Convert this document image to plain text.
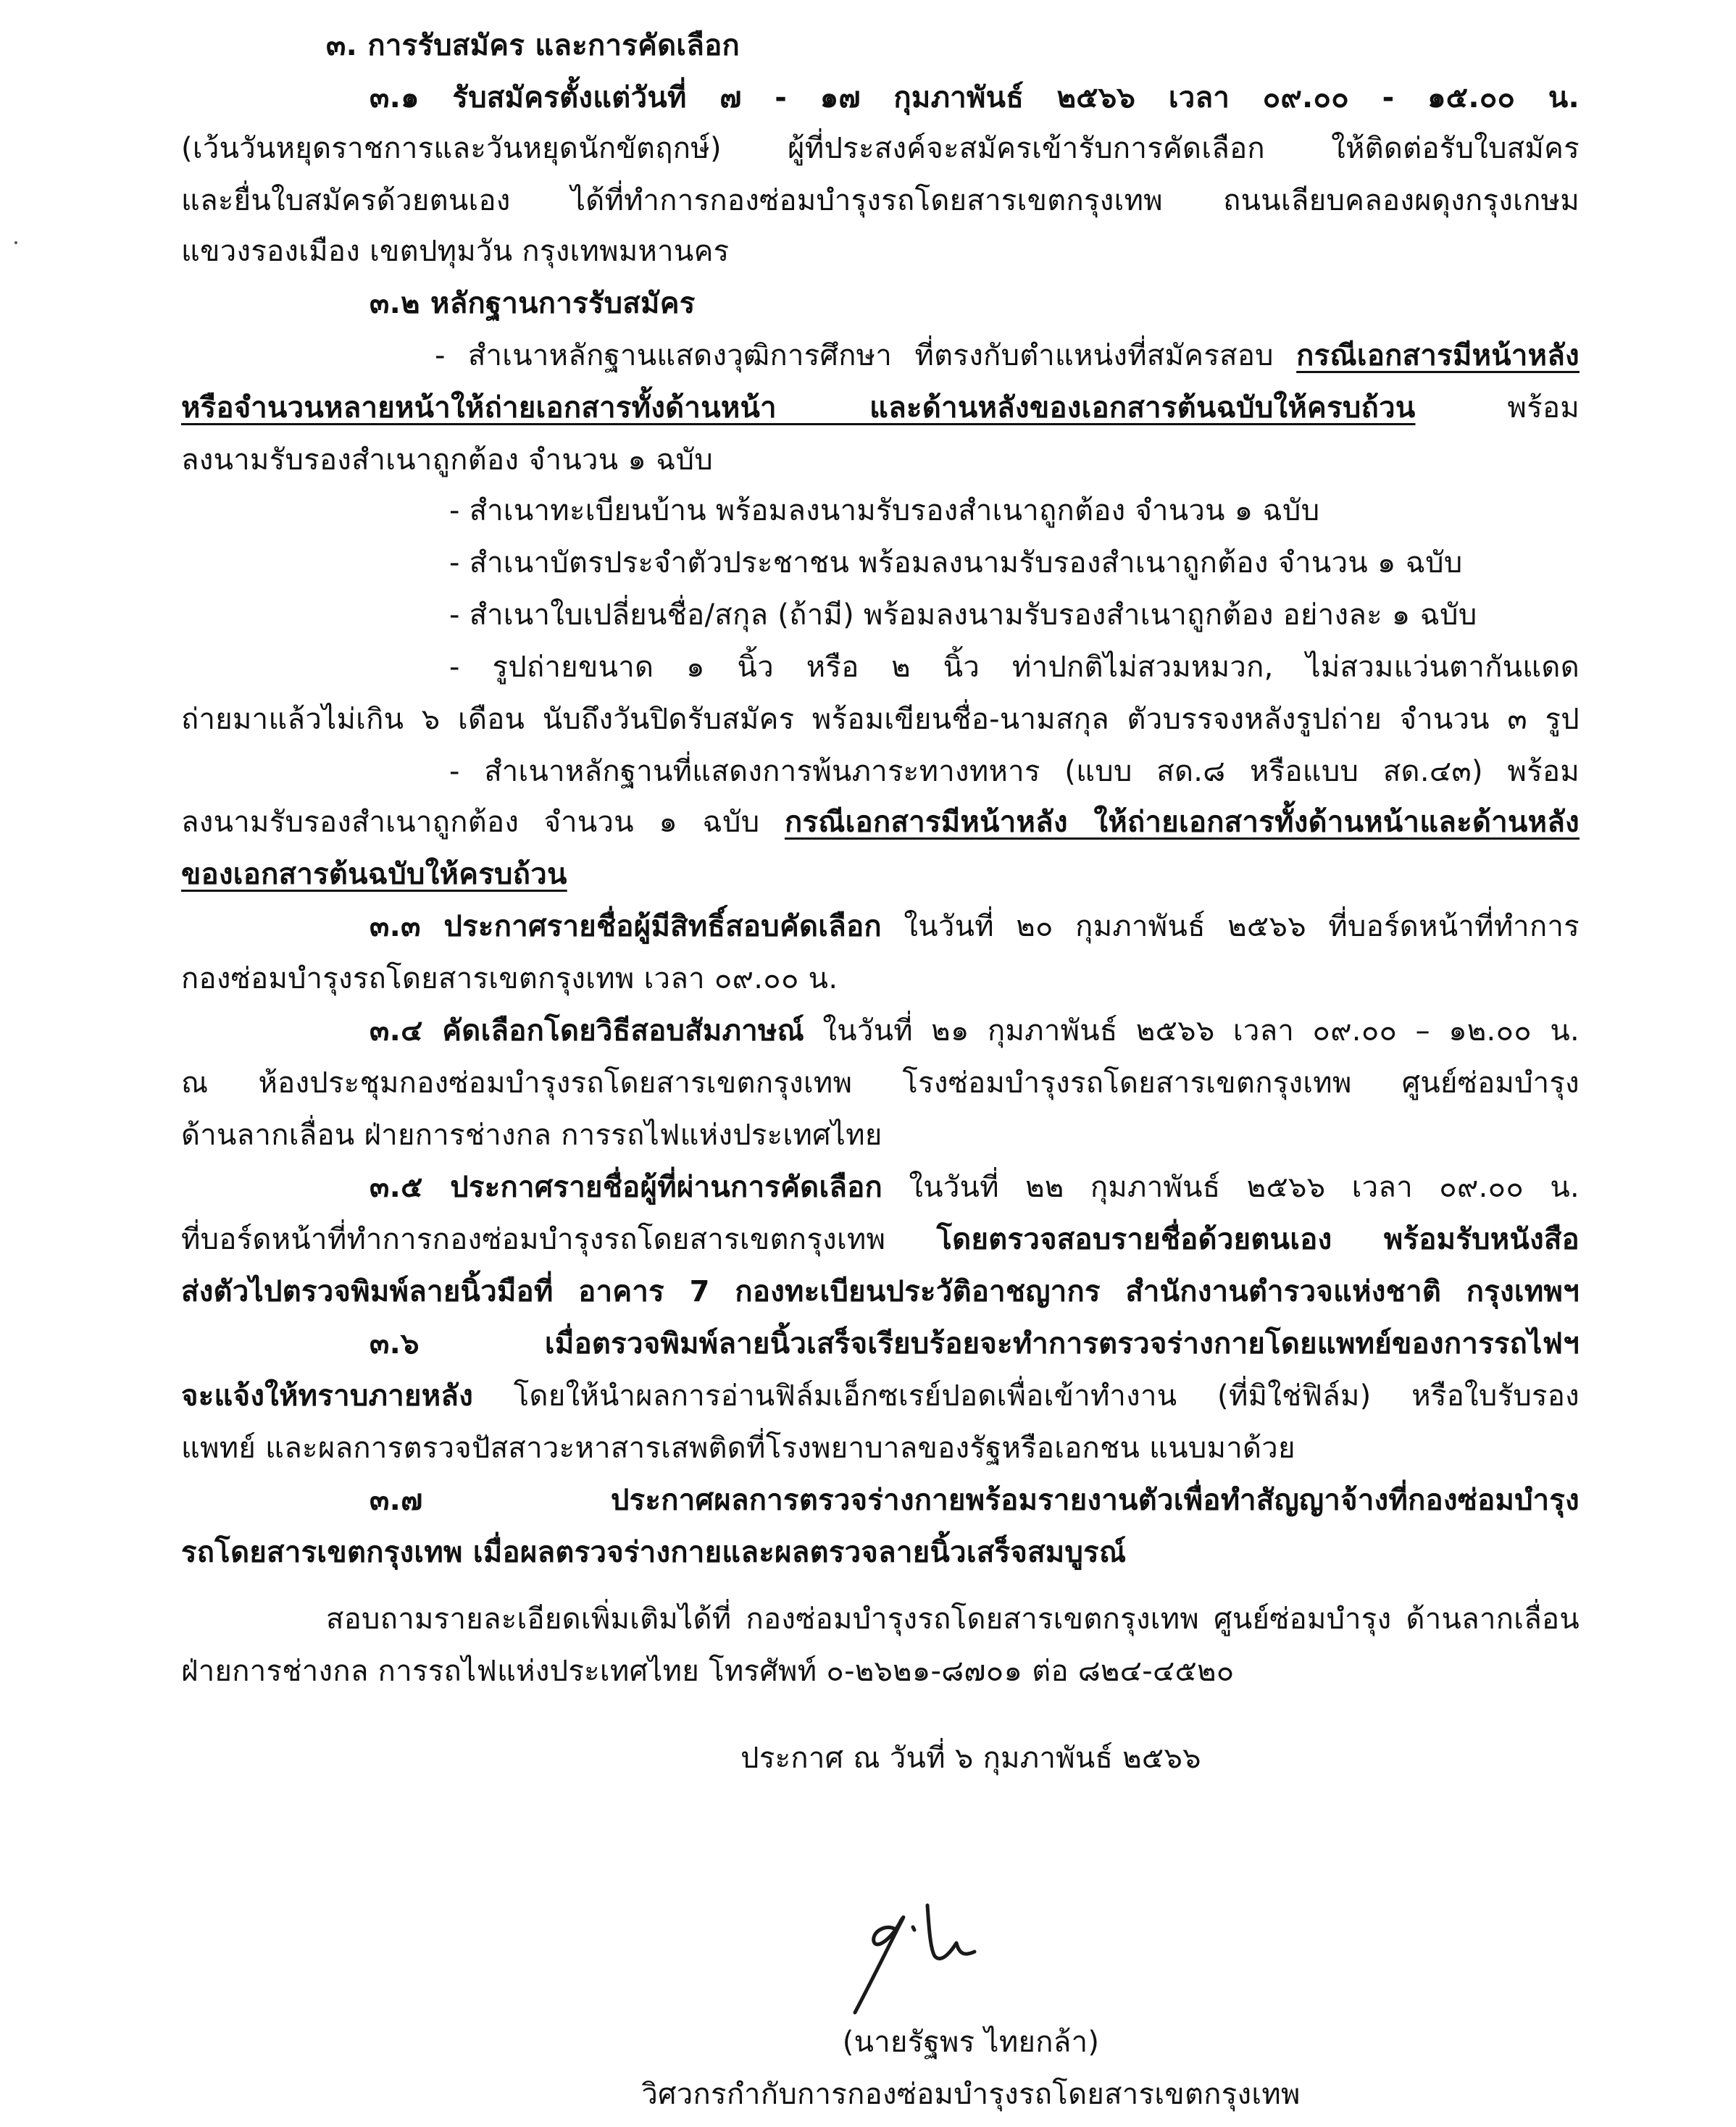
๓. การรับสมัคร และการคัดเลือก
๓.๑ รับสมัครตั้งแต่วันที่ ๗ - ๑๗ กุมภาพันธ์ ๒๕๖๖ เวลา ๐๙.๐๐ - ๑๕.๐๐ น.
(เว้นวันหยุดราชการและวันหยุดนักขัตฤกษ์) ผู้ที่ประสงค์จะสมัครเข้ารับการคัดเลือก ให้ติดต่อรับใบสมัคร
และยื่นใบสมัครด้วยตนเอง ได้ที่ทำการกองซ่อมบำรุงรถโดยสารเขตกรุงเทพ ถนนเลียบคลองผดุงกรุงเกษม
แขวงรองเมือง เขตปทุมวัน กรุงเทพมหานคร
๓.๒ หลักฐานการรับสมัคร
- สำเนาหลักฐานแสดงวุฒิการศึกษา ที่ตรงกับตำแหน่งที่สมัครสอบ กรณีเอกสารมีหน้าหลัง
หรือจำนวนหลายหน้าให้ถ่ายเอกสารทั้งด้านหน้า และด้านหลังของเอกสารต้นฉบับให้ครบถ้วน พร้อม
ลงนามรับรองสำเนาถูกต้อง จำนวน ๑ ฉบับ
- สำเนาทะเบียนบ้าน พร้อมลงนามรับรองสำเนาถูกต้อง จำนวน ๑ ฉบับ
- สำเนาบัตรประจำตัวประชาชน พร้อมลงนามรับรองสำเนาถูกต้อง จำนวน ๑ ฉบับ
- สำเนาใบเปลี่ยนชื่อ/สกุล (ถ้ามี) พร้อมลงนามรับรองสำเนาถูกต้อง อย่างละ ๑ ฉบับ
- รูปถ่ายขนาด ๑ นิ้ว หรือ ๒ นิ้ว ท่าปกติไม่สวมหมวก, ไม่สวมแว่นตากันแดด
ถ่ายมาแล้วไม่เกิน ๖ เดือน นับถึงวันปิดรับสมัคร พร้อมเขียนชื่อ-นามสกุล ตัวบรรจงหลังรูปถ่าย จำนวน ๓ รูป
- สำเนาหลักฐานที่แสดงการพ้นภาระทางทหาร (แบบ สด.๘ หรือแบบ สด.๔๓) พร้อม
ลงนามรับรองสำเนาถูกต้อง จำนวน ๑ ฉบับ กรณีเอกสารมีหน้าหลัง ให้ถ่ายเอกสารทั้งด้านหน้าและด้านหลัง
ของเอกสารต้นฉบับให้ครบถ้วน
๓.๓ ประกาศรายชื่อผู้มีสิทธิ์สอบคัดเลือก ในวันที่ ๒๐ กุมภาพันธ์ ๒๕๖๖ ที่บอร์ดหน้าที่ทำการ
กองซ่อมบำรุงรถโดยสารเขตกรุงเทพ เวลา ๐๙.๐๐ น.
๓.๔ คัดเลือกโดยวิธีสอบสัมภาษณ์ ในวันที่ ๒๑ กุมภาพันธ์ ๒๕๖๖ เวลา ๐๙.๐๐ – ๑๒.๐๐ น.
ณ ห้องประชุมกองซ่อมบำรุงรถโดยสารเขตกรุงเทพ โรงซ่อมบำรุงรถโดยสารเขตกรุงเทพ ศูนย์ซ่อมบำรุง
ด้านลากเลื่อน ฝ่ายการช่างกล การรถไฟแห่งประเทศไทย
๓.๕ ประกาศรายชื่อผู้ที่ผ่านการคัดเลือก ในวันที่ ๒๒ กุมภาพันธ์ ๒๕๖๖ เวลา ๐๙.๐๐ น.
ที่บอร์ดหน้าที่ทำการกองซ่อมบำรุงรถโดยสารเขตกรุงเทพ โดยตรวจสอบรายชื่อด้วยตนเอง พร้อมรับหนังสือ
ส่งตัวไปตรวจพิมพ์ลายนิ้วมือที่ อาคาร 7 กองทะเบียนประวัติอาชญากร สำนักงานตำรวจแห่งชาติ กรุงเทพฯ
๓.๖ เมื่อตรวจพิมพ์ลายนิ้วเสร็จเรียบร้อยจะทำการตรวจร่างกายโดยแพทย์ของการรถไฟฯ
จะแจ้งให้ทราบภายหลัง โดยให้นำผลการอ่านฟิล์มเอ็กซเรย์ปอดเพื่อเข้าทำงาน (ที่มิใช่ฟิล์ม) หรือใบรับรอง
แพทย์ และผลการตรวจปัสสาวะหาสารเสพติดที่โรงพยาบาลของรัฐหรือเอกชน แนบมาด้วย
๓.๗ ประกาศผลการตรวจร่างกายพร้อมรายงานตัวเพื่อทำสัญญาจ้างที่กองซ่อมบำรุง
รถโดยสารเขตกรุงเทพ เมื่อผลตรวจร่างกายและผลตรวจลายนิ้วเสร็จสมบูรณ์
สอบถามรายละเอียดเพิ่มเติมได้ที่ กองซ่อมบำรุงรถโดยสารเขตกรุงเทพ ศูนย์ซ่อมบำรุง ด้านลากเลื่อน
ฝ่ายการช่างกล การรถไฟแห่งประเทศไทย โทรศัพท์ ๐-๒๖๒๑-๘๗๐๑ ต่อ ๘๒๔-๔๕๒๐
ประกาศ ณ วันที่ ๖ กุมภาพันธ์ ๒๕๖๖
(นายรัฐพร ไทยกล้า)
วิศวกรกำกับการกองซ่อมบำรุงรถโดยสารเขตกรุงเทพ
